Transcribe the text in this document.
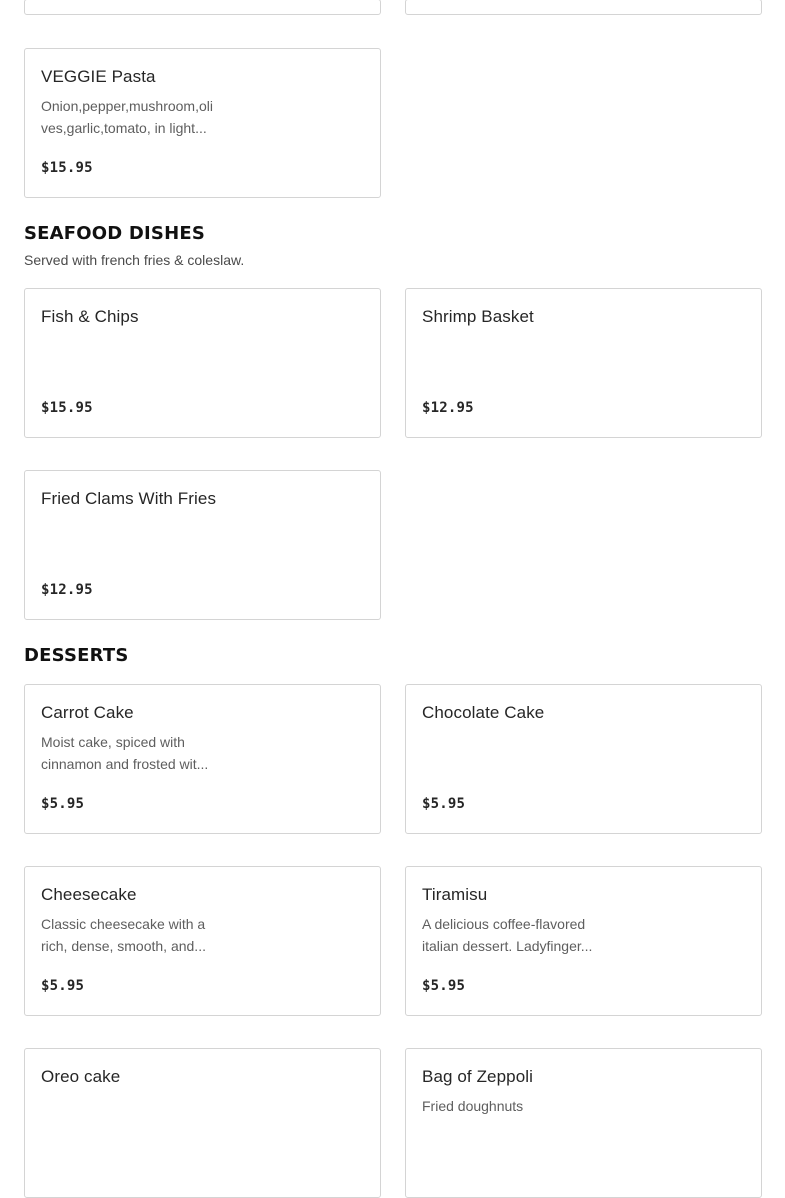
VEGGIE Pasta
Onion,pepper,mushroom,oli
ves,garlic,tomato, in light...
$15.95
SEAFOOD DISHES
Served with french fries & coleslaw.
Fish & Chips
$15.95
Shrimp Basket
$12.95
Fried Clams With Fries
$12.95
DESSERTS
Carrot Cake
Moist cake, spiced with
cinnamon and frosted wit...
$5.95
Chocolate Cake
$5.95
Cheesecake
Classic cheesecake with a
rich, dense, smooth, and...
$5.95
Tiramisu
A delicious coffee-flavored
italian dessert. Ladyfinger...
$5.95
Oreo cake	Bag of Zeppoli
Fried doughnuts
